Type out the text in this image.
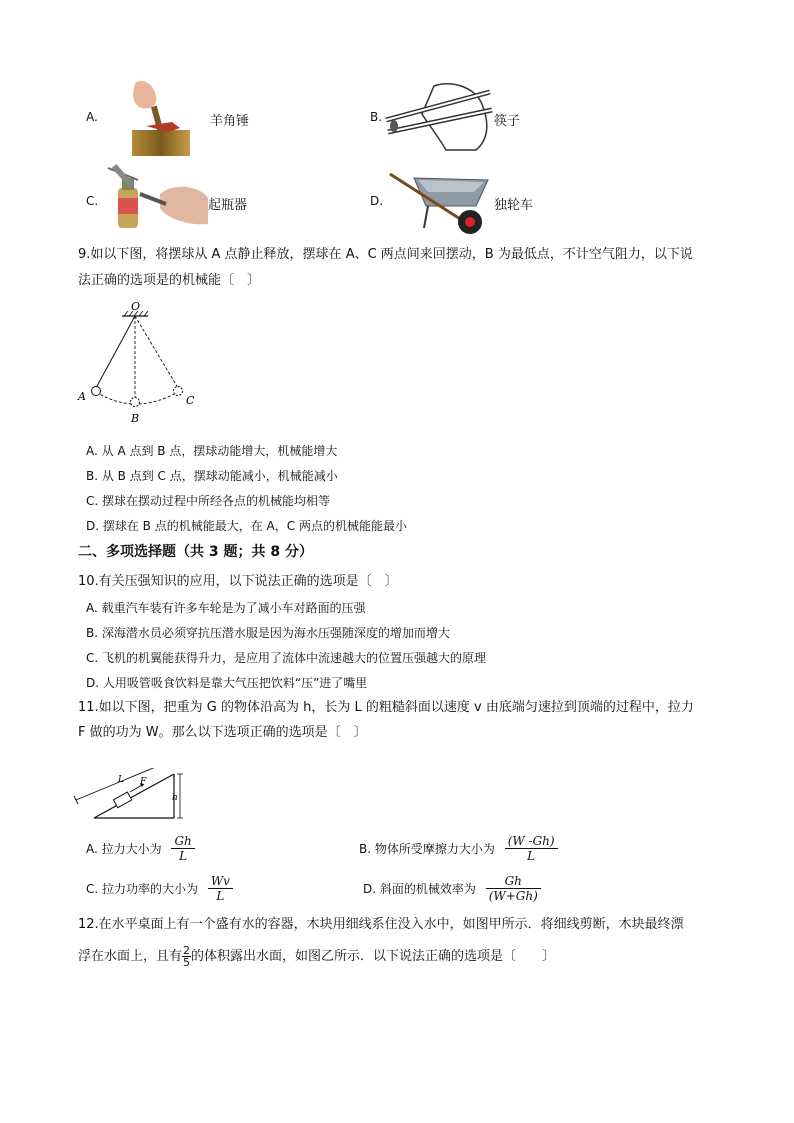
A.	羊角锤	B.	筷子
C.	起瓶器	D.	独轮车
9.如以下图，将摆球从 A 点静止释放，摆球在 A、C 两点间来回摆动，B 为最低点，不计空气阻力，以下说
法正确的选项是的机械能〔　〕
O
A
B
C
A. 从 A 点到 B 点，摆球动能增大，机械能增大
B. 从 B 点到 C 点，摆球动能减小，机械能减小
C. 摆球在摆动过程中所经各点的机械能均相等
D. 摆球在 B 点的机械能最大，在 A，C 两点的机械能能最小
二、多项选择题（共 3 题；共 8 分）
10.有关压强知识的应用，以下说法正确的选项是〔　〕
A. 载重汽车装有许多车轮是为了减小车对路面的压强
B. 深海潜水员必须穿抗压潜水服是因为海水压强随深度的增加而增大
C. 飞机的机翼能获得升力，是应用了流体中流速越大的位置压强越大的原理
D. 人用吸管吸食饮料是靠大气压把饮料“压”进了嘴里
11.如以下图，把重为 G 的物体沿高为 h，长为 L 的粗糙斜面以速度 v 由底端匀速拉到顶端的过程中，拉力
F 做的功为 W。那么以下选项正确的选项是〔　〕
L F
h
A. 拉力大小为 $\frac{Gh}{L}$	B. 物体所受摩擦力大小为 $\frac{(W -Gh)}{L}$
C. 拉力功率的大小为 $\frac{Wv}{L}$	D. 斜面的机械效率为 $\frac{Gh}{(W+Gh)}$
12.在水平桌面上有一个盛有水的容器，木块用细线系住没入水中，如图甲所示．将细线剪断，木块最终漂
浮在水面上，且有 $\frac{2}{5}$ 的体积露出水面，如图乙所示．以下说法正确的选项是〔　　〕
